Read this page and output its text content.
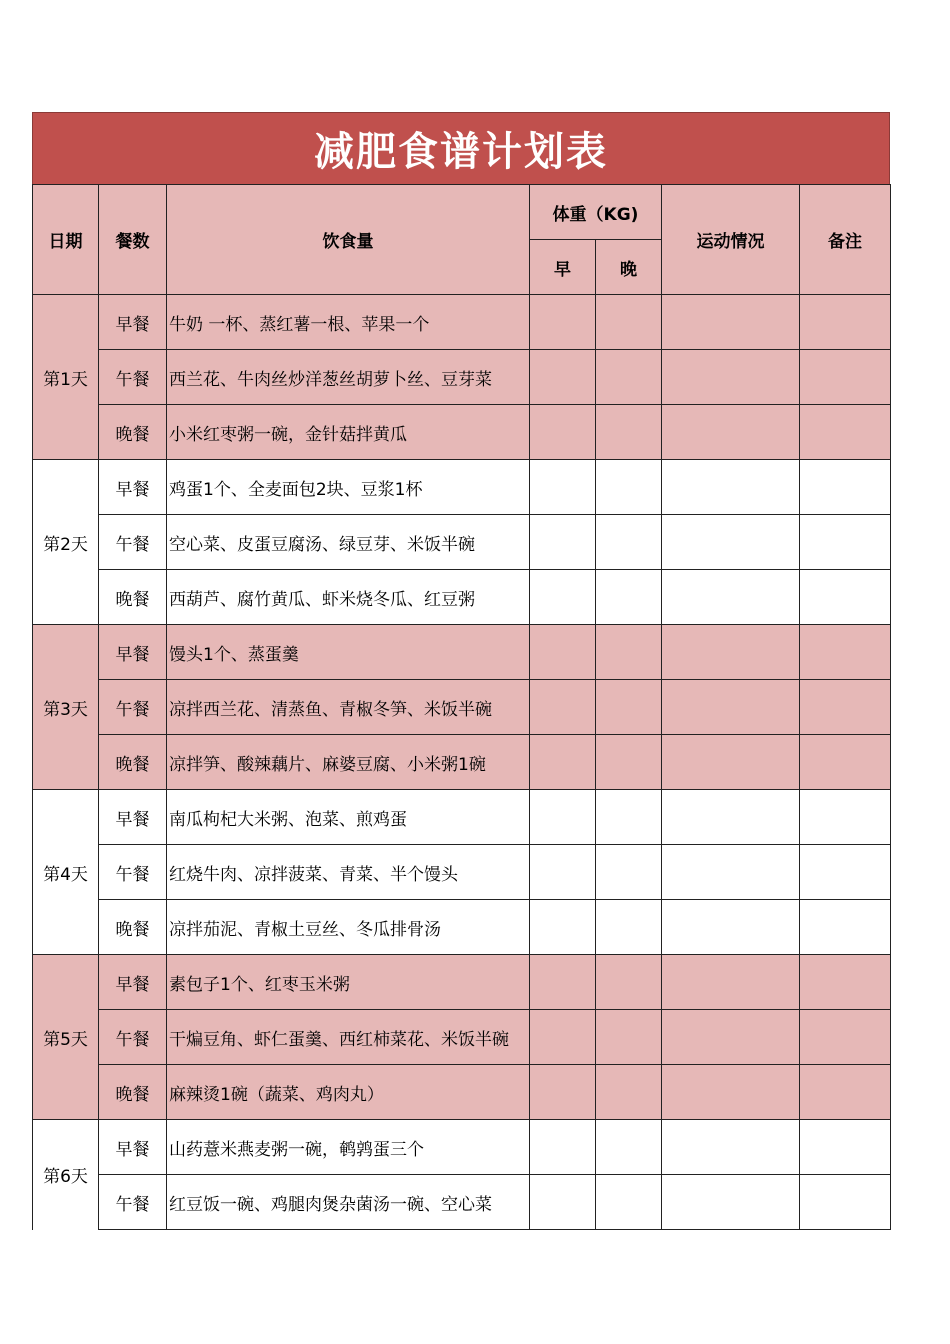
减肥食谱计划表
日期	餐数	饮食量	体重（KG)		运动情况	备注
			早	晚		
第1天	早餐	牛奶 一杯、蒸红薯一根、苹果一个				
	午餐	西兰花、牛肉丝炒洋葱丝胡萝卜丝、豆芽菜				
	晚餐	小米红枣粥一碗，金针菇拌黄瓜				
第2天	早餐	鸡蛋1个、全麦面包2块、豆浆1杯				
	午餐	空心菜、皮蛋豆腐汤、绿豆芽、米饭半碗				
	晚餐	西葫芦、腐竹黄瓜、虾米烧冬瓜、红豆粥				
第3天	早餐	馒头1个、蒸蛋羹				
	午餐	凉拌西兰花、清蒸鱼、青椒冬笋、米饭半碗				
	晚餐	凉拌笋、酸辣藕片、麻婆豆腐、小米粥1碗				
第4天	早餐	南瓜枸杞大米粥、泡菜、煎鸡蛋				
	午餐	红烧牛肉、凉拌菠菜、青菜、半个馒头				
	晚餐	凉拌茄泥、青椒土豆丝、冬瓜排骨汤				
第5天	早餐	素包子1个、红枣玉米粥				
	午餐	干煸豆角、虾仁蛋羹、西红柿菜花、米饭半碗				
	晚餐	麻辣烫1碗（蔬菜、鸡肉丸）				
第6天	早餐	山药薏米燕麦粥一碗，鹌鹑蛋三个				
	午餐	红豆饭一碗、鸡腿肉煲杂菌汤一碗、空心菜				
